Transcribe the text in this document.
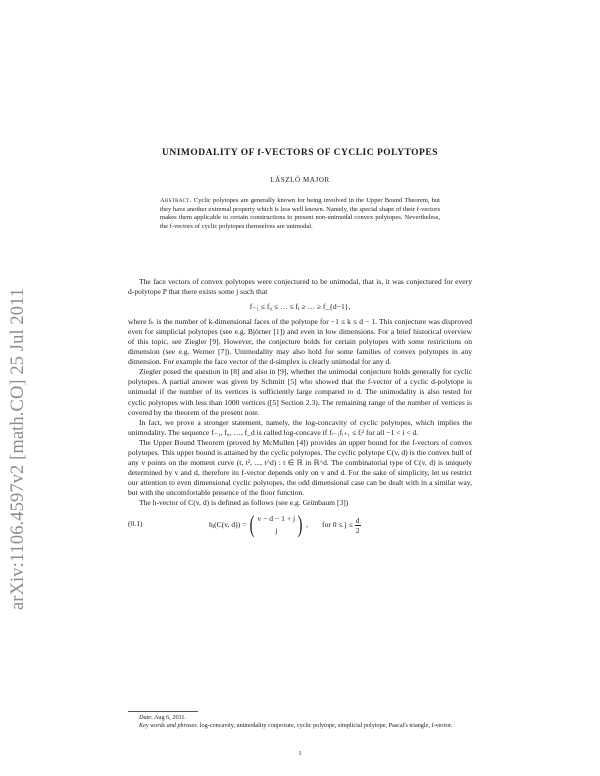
arXiv:1106.4597v2 [math.CO] 25 Jul 2011
UNIMODALITY OF f-VECTORS OF CYCLIC POLYTOPES
LÁSZLÓ MAJOR
Abstract. Cyclic polytopes are generally known for being involved in the Upper Bound Theorem, but they have another extremal property which is less well known. Namely, the special shape of their f-vectors makes them applicable to certain constructions to present non-unimodal convex polytopes. Nevertheless, the f-vectors of cyclic polytopes themselves are unimodal.

The face vectors of convex polytopes were conjectured to be unimodal, that is, it was conjectured for every d-polytope P that there exists some j such that

f₋₁ ≤ f₀ ≤ … ≤ fⱼ ≥ … ≥ f_{d−1},

where fₖ is the number of k-dimensional faces of the polytope for −1 ≤ k ≤ d − 1. This conjecture was disproved even for simplicial polytopes (see e.g. Björner [1]) and even in low dimensions. For a brief historical overview of this topic, see Ziegler [9]. However, the conjecture holds for certain polytopes with some restrictions on dimension (see e.g. Werner [7]). Unimodality may also hold for some families of convex polytopes in any dimension. For example the face vector of the d-simplex is clearly unimodal for any d.

Ziegler posed the question in [8] and also in [9], whether the unimodal conjecture holds generally for cyclic polytopes. A partial answer was given by Schmitt [5] who showed that the f-vector of a cyclic d-polytope is unimodal if the number of its vertices is sufficiently large compared to d. The unimodality is also tested for cyclic polytopes with less than 1000 vertices ([5] Section 2.3). The remaining range of the number of vertices is covered by the theorem of the present note.

In fact, we prove a stronger statement, namely, the log-concavity of cyclic polytopes, which implies the unimodality. The sequence f₋₁, f₀, …, f_d is called log-concave if fᵢ₋₁fᵢ₊₁ ≤ fᵢ² for all −1 < i < d.

The Upper Bound Theorem (proved by McMullen [4]) provides an upper bound for the f-vectors of convex polytopes. This upper bound is attained by the cyclic polytopes. The cyclic polytope C(v, d) is the convex hull of any v points on the moment curve (t, t², ..., t^d) : t ∈ ℝ in ℝ^d. The combinatorial type of C(v, d) is uniquely determined by v and d, therefore its f-vector depends only on v and d. For the sake of simplicity, let us restrict our attention to even dimensional cyclic polytopes, the odd dimensional case can be dealt with in a similar way, but with the uncomfortable presence of the floor function.

The h-vector of C(v, d) is defined as follows (see e.g. Grünbaum [3])

(0.1)	hⱼ(C(v, d)) = ( v − d − 1 + j
j ) , for $0 \le j \le \frac{d}{2}$

Date: Aug 6, 2011.

Key words and phrases. log-concavity, unimodality conjecture, cyclic polytope, simplicial polytope, Pascal's triangle, f-vector.

1
